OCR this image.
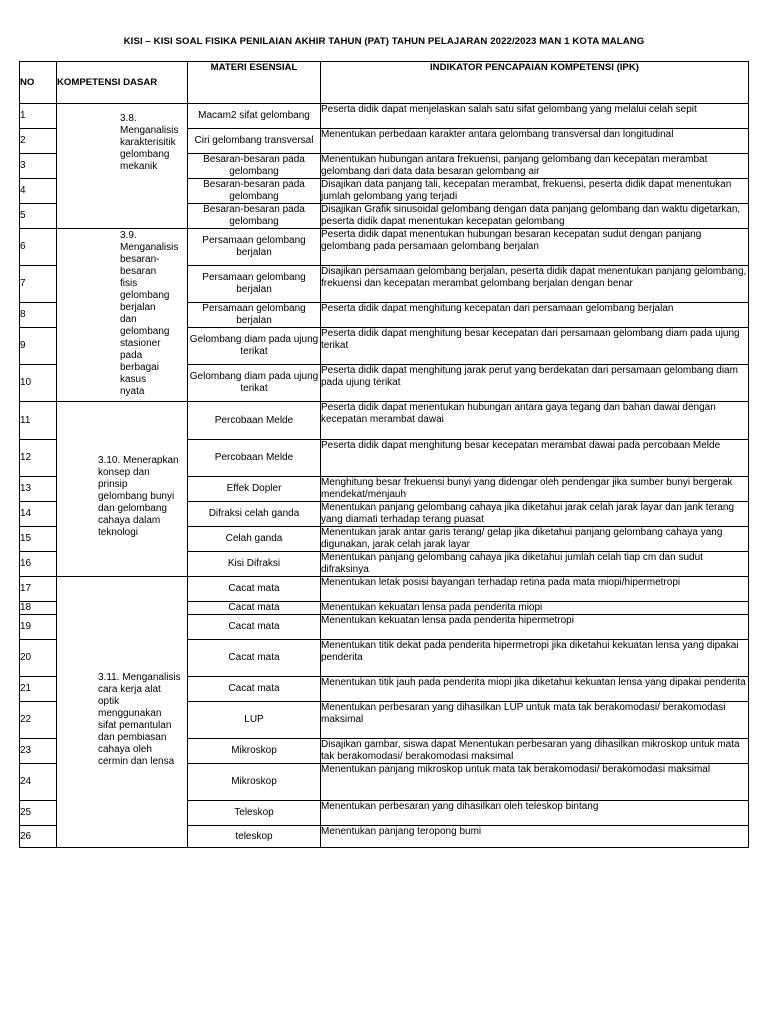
KISI – KISI SOAL FISIKA PENILAIAN AKHIR TAHUN (PAT) TAHUN PELAJARAN 2022/2023 MAN 1 KOTA MALANG
NO	KOMPETENSI DASAR	MATERI ESENSIAL	INDIKATOR PENCAPAIAN KOMPETENSI (IPK)
1	3.8. Menganalisis karakterisitik gelombang mekanik	Macam2 sifat gelombang	Peserta didik dapat menjelaskan salah satu sifat gelombang yang melalui celah sepit
2		Ciri gelombang transversal	Menentukan perbedaan karakter antara gelombang transversal dan longitudinal
3		Besaran-besaran pada gelombang	Menentukan hubungan antara frekuensi, panjang gelombang dan kecepatan merambat gelombang dari data data besaran gelombang air
4		Besaran-besaran pada gelombang	Disajikan data panjang tali, kecepatan merambat, frekuensi, peserta didik dapat menentukan jumlah gelombang yang terjadi
5		Besaran-besaran pada gelombang	Disajikan Grafik sinusoidal gelombang dengan data panjang gelombang dan waktu digetarkan, peserta didik dapat menentukan kecepatan gelombang
6	3.9. Menganalisis besaran-besaran fisis gelombang berjalan dan gelombang stasioner pada berbagai kasus nyata	Persamaan gelombang berjalan	Peserta didik dapat menentukan hubungan besaran kecepatan sudut dengan panjang gelombang pada persamaan gelombang berjalan
7		Persamaan gelombang berjalan	Disajikan persamaan gelombang berjalan, peserta didik dapat menentukan panjang gelombang, frekuensi dan kecepatan merambat gelombang berjalan dengan benar
8		Persamaan gelombang berjalan	Peserta didik dapat menghitung kecepatan dari persamaan gelombang berjalan
9		Gelombang diam pada ujung terikat	Peserta didik dapat menghitung besar kecepatan dari persamaan gelombang diam pada ujung terikat
10		Gelombang diam pada ujung terikat	Peserta didik dapat menghitung jarak perut yang berdekatan dari persamaan gelombang diam pada ujung terikat
11	3.10. Menerapkan konsep dan prinsip gelombang bunyi dan gelombang cahaya dalam teknologi	Percobaan Melde	Peserta didik dapat menentukan hubungan antara gaya tegang dan bahan dawai dengan kecepatan merambat dawai
12		Percobaan Melde	Peserta didik dapat menghitung besar kecepatan merambat dawai pada percobaan Melde
13		Effek Dopler	Menghitung besar frekuensi bunyi yang didengar oleh pendengar jika sumber bunyi bergerak mendekat/menjauh
14		Difraksi celah ganda	Menentukan panjang gelombang cahaya jika diketahui jarak celah jarak layar dan jank terang yang diamati terhadap terang puasat
15		Celah ganda	Menentukan jarak antar garis terang/ gelap jika diketahui panjang gelombang cahaya yang digunakan, jarak celah jarak layar
16		Kisi Difraksi	Menentukan panjang gelombang cahaya jika diketahui jumlah celah tiap cm dan sudut difraksinya
17	3.11. Menganalisis cara kerja alat optik menggunakan sifat pemantulan dan pembiasan cahaya oleh cermin dan lensa	Cacat mata	Menentukan letak posisi bayangan terhadap retina pada mata miopi/hipermetropi
18		Cacat mata	Menentukan kekuatan lensa pada penderita miopi
19		Cacat mata	Menentukan kekuatan lensa pada penderita hipermetropi
20		Cacat mata	Menentukan titik dekat pada penderita hipermetropi jika diketahui kekuatan lensa yang dipakai penderita
21		Cacat mata	Menentukan titik jauh pada penderita miopi jika diketahui kekuatan lensa yang dipakai penderita
22		LUP	Menentukan perbesaran yang dihasilkan LUP untuk mata tak berakomodasi/ berakomodasi maksimal
23		Mikroskop	Disajikan gambar, siswa dapat Menentukan perbesaran yang dihasilkan mikroskop untuk mata tak berakomodasi/ berakomodasi maksimal
24		Mikroskop	Menentukan panjang mikroskop untuk mata tak berakomodasi/ berakomodasi maksimal
25		Teleskop	Menentukan perbesaran yang dihasilkan oleh teleskop bintang
26		teleskop	Menentukan panjang teropong bumi
